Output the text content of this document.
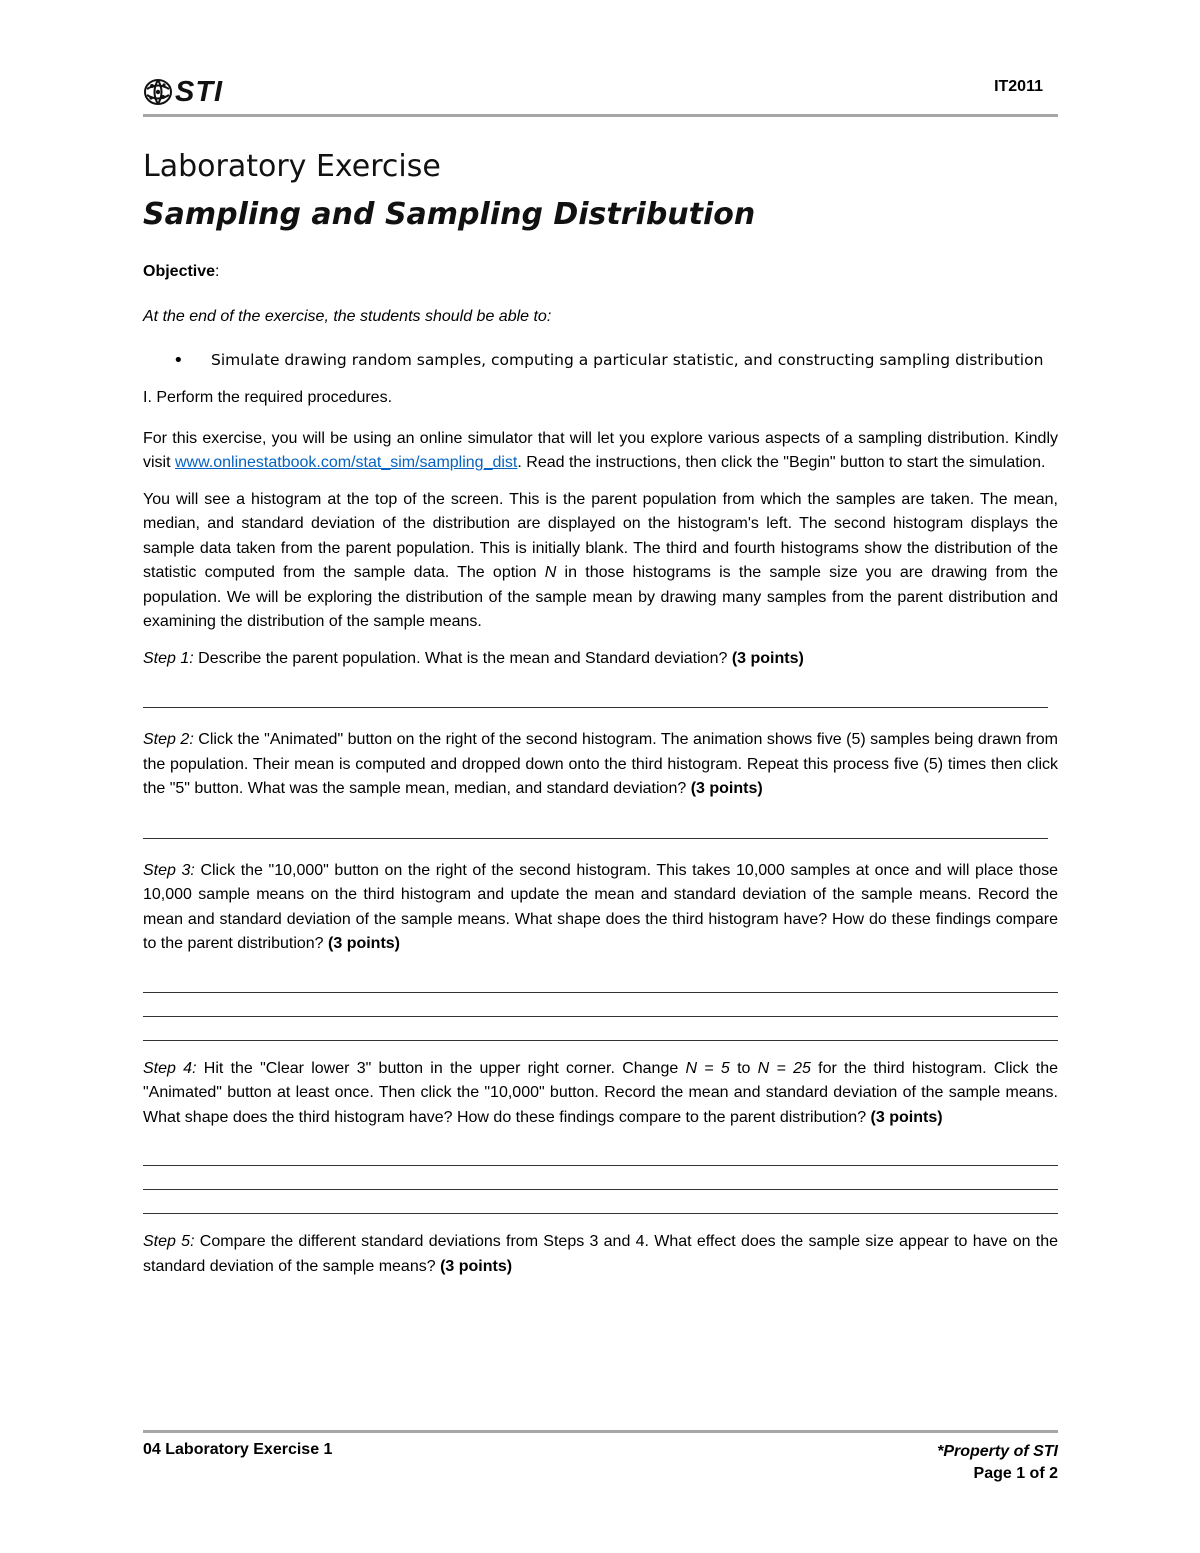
STI	IT2011
Laboratory Exercise
Sampling and Sampling Distribution

Objective:

At the end of the exercise, the students should be able to:

• Simulate drawing random samples, computing a particular statistic, and constructing sampling distribution

I. Perform the required procedures.

For this exercise, you will be using an online simulator that will let you explore various aspects of a sampling distribution. Kindly visit www.onlinestatbook.com/stat_sim/sampling_dist. Read the instructions, then click the "Begin" button to start the simulation.

You will see a histogram at the top of the screen. This is the parent population from which the samples are taken. The mean, median, and standard deviation of the distribution are displayed on the histogram's left. The second histogram displays the sample data taken from the parent population. This is initially blank. The third and fourth histograms show the distribution of the statistic computed from the sample data. The option N in those histograms is the sample size you are drawing from the population. We will be exploring the distribution of the sample mean by drawing many samples from the parent distribution and examining the distribution of the sample means.

Step 1: Describe the parent population. What is the mean and Standard deviation? (3 points)

Step 2: Click the "Animated" button on the right of the second histogram. The animation shows five (5) samples being drawn from the population. Their mean is computed and dropped down onto the third histogram. Repeat this process five (5) times then click the "5" button. What was the sample mean, median, and standard deviation? (3 points)

Step 3: Click the "10,000" button on the right of the second histogram. This takes 10,000 samples at once and will place those 10,000 sample means on the third histogram and update the mean and standard deviation of the sample means. Record the mean and standard deviation of the sample means. What shape does the third histogram have? How do these findings compare to the parent distribution? (3 points)

Step 4: Hit the "Clear lower 3" button in the upper right corner. Change N = 5 to N = 25 for the third histogram. Click the "Animated" button at least once. Then click the "10,000" button. Record the mean and standard deviation of the sample means. What shape does the third histogram have? How do these findings compare to the parent distribution? (3 points)

Step 5: Compare the different standard deviations from Steps 3 and 4. What effect does the sample size appear to have on the standard deviation of the sample means? (3 points)

04 Laboratory Exercise 1	*Property of STI
Page 1 of 2
